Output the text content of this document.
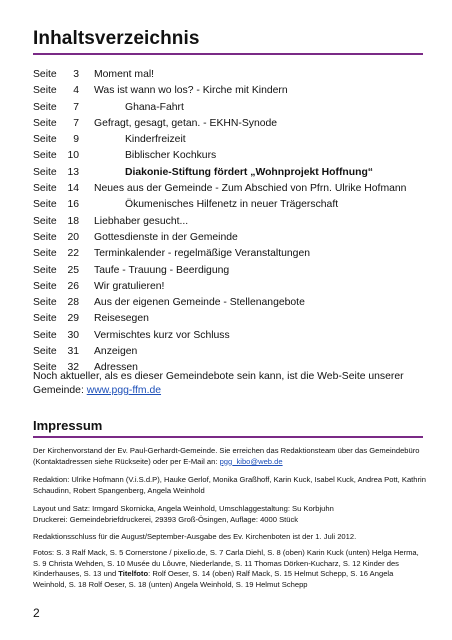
Inhaltsverzeichnis
Seite	3 Moment mal!
Seite	4 Was ist wann wo los? - Kirche mit Kindern
Seite	7	Ghana-Fahrt
Seite	7 Gefragt, gesagt, getan. - EKHN-Synode
Seite	9	Kinderfreizeit
Seite	10	Biblischer Kochkurs
Seite	13	Diakonie-Stiftung fördert „Wohnprojekt Hoffnung“
Seite	14 Neues aus der Gemeinde - Zum Abschied von Pfrn. Ulrike Hofmann
Seite	16	Ökumenisches Hilfenetz in neuer Trägerschaft
Seite	18 Liebhaber gesucht...
Seite	20 Gottesdienste in der Gemeinde
Seite	22 Terminkalender - regelmäßige Veranstaltungen
Seite	25 Taufe - Trauung - Beerdigung
Seite	26 Wir gratulieren!
Seite	28 Aus der eigenen Gemeinde - Stellenangebote
Seite	29 Reisesegen
Seite	30 Vermischtes kurz vor Schluss
Seite	31 Anzeigen
Seite	32 Adressen
Noch aktueller, als es dieser Gemeindebote sein kann, ist die Web-Seite unserer Gemeinde: www.pgg-ffm.de
Impressum
Der Kirchenvorstand der Ev. Paul-Gerhardt-Gemeinde. Sie erreichen das Redaktionsteam über das Gemeindebüro (Kontaktadressen siehe Rückseite) oder per E-Mail an: pgg_kibo@web.de
Redaktion: Ulrike Hofmann (V.i.S.d.P), Hauke Gerlof, Monika Graßhoff, Karin Kuck, Isabel Kuck, Andrea Pott, Kathrin Schaudinn, Robert Spangenberg, Angela Weinhold
Layout und Satz: Irmgard Skornicka, Angela Weinhold, Umschlaggestaltung: Su Korbjuhn
Druckerei: Gemeindebriefdruckerei, 29393 Groß-Ösingen, Auflage: 4000 Stück
Redaktionsschluss für die August/September-Ausgabe des Ev. Kirchenboten ist der 1. Juli 2012.
Fotos: S. 3 Ralf Mack, S. 5 Cornerstone / pixelio.de, S. 7 Carla Diehl, S. 8 (oben) Karin Kuck (unten) Helga Herma, S. 9 Christa Wehden, S. 10 Musée du Lôuvre, Niederlande, S. 11 Thomas Dörken-Kucharz, S. 12 Kinder des Kinderhauses, S. 13 und Titelfoto: Rolf Oeser, S. 14 (oben) Ralf Mack, S. 15 Helmut Schepp, S. 16 Angela Weinhold, S. 18 Rolf Oeser, S. 18 (unten) Angela Weinhold, S. 19 Helmut Schepp
2
